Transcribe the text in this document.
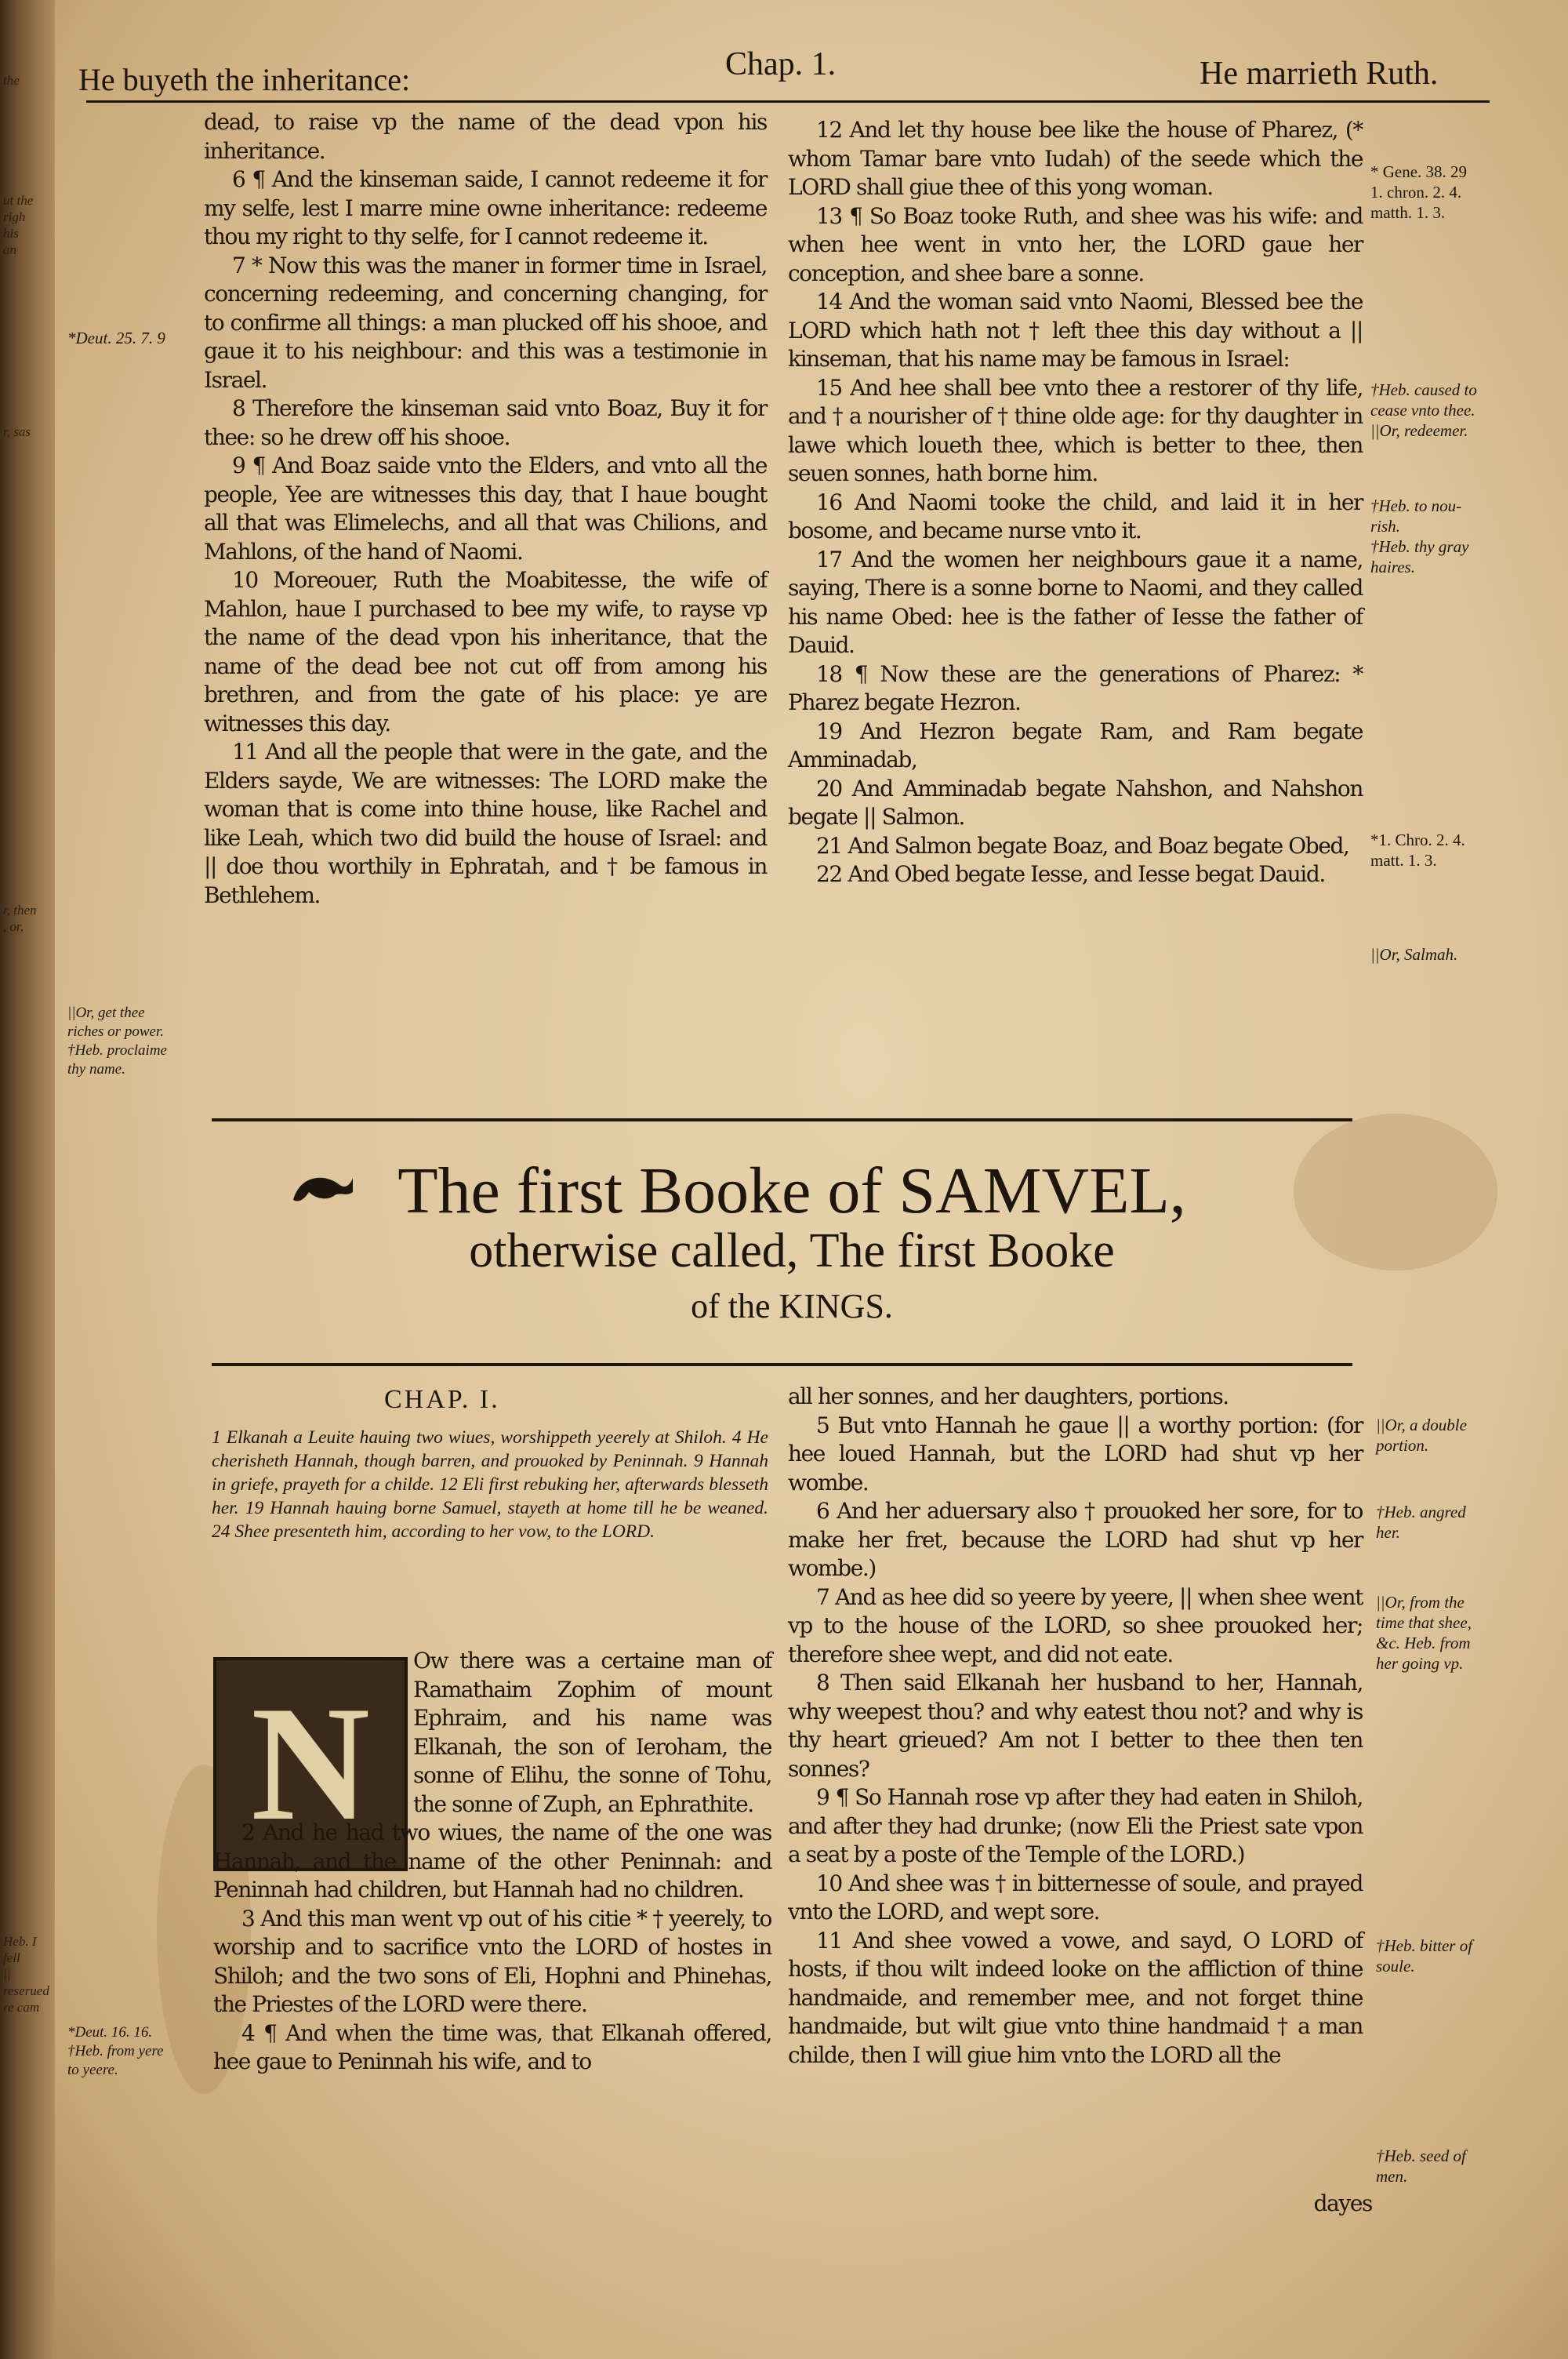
the
ut the
righ
his
an
r, sas
r, then
, or,
Heb. I fell
|| reserued
re cam
He buyeth the inheritance:	Chap. 1.	He marrieth Ruth.

dead, to raise vp the name of the dead vpon his inheritance.

6 ¶ And the kinseman saide, I cannot redeeme it for my selfe, lest I marre mine owne inheritance: redeeme thou my right to thy selfe, for I cannot redeeme it.

7 * Now this was the maner in former time in Israel, concerning redeeming, and concerning changing, for to confirme all things: a man plucked off his shooe, and gaue it to his neighbour: and this was a testimonie in Israel.

8 Therefore the kinseman said vnto Boaz, Buy it for thee: so he drew off his shooe.

9 ¶ And Boaz saide vnto the Elders, and vnto all the people, Yee are witnesses this day, that I haue bought all that was Elimelechs, and all that was Chilions, and Mahlons, of the hand of Naomi.

10 Moreouer, Ruth the Moabitesse, the wife of Mahlon, haue I purchased to bee my wife, to rayse vp the name of the dead vpon his inheritance, that the name of the dead bee not cut off from among his brethren, and from the gate of his place: ye are witnesses this day.

11 And all the people that were in the gate, and the Elders sayde, We are witnesses: The LORD make the woman that is come into thine house, like Rachel and like Leah, which two did build the house of Israel: and || doe thou worthily in Ephratah, and † be famous in Bethlehem.

12 And let thy house bee like the house of Pharez, (* whom Tamar bare vnto Iudah) of the seede which the LORD shall giue thee of this yong woman.

13 ¶ So Boaz tooke Ruth, and shee was his wife: and when hee went in vnto her, the LORD gaue her conception, and shee bare a sonne.

14 And the woman said vnto Naomi, Blessed bee the LORD which hath not † left thee this day without a || kinseman, that his name may be famous in Israel:

15 And hee shall bee vnto thee a restorer of thy life, and † a nourisher of † thine olde age: for thy daughter in lawe which loueth thee, which is better to thee, then seuen sonnes, hath borne him.

16 And Naomi tooke the child, and laid it in her bosome, and became nurse vnto it.

17 And the women her neighbours gaue it a name, saying, There is a sonne borne to Naomi, and they called his name Obed: hee is the father of Iesse the father of Dauid.

18 ¶ Now these are the generations of Pharez: * Pharez begate Hezron.

19 And Hezron begate Ram, and Ram begate Amminadab,

20 And Amminadab begate Nahshon, and Nahshon begate || Salmon.

21 And Salmon begate Boaz, and Boaz begate Obed,

22 And Obed begate Iesse, and Iesse begat Dauid.

*Deut. 25. 7. 9
||Or, get thee
riches or power.
†Heb. proclaime
thy name.
* Gene. 38. 29
1. chron. 2. 4.
matth. 1. 3.
†Heb. caused to
cease vnto thee.
||Or, redeemer.
†Heb. to nou-
rish.
†Heb. thy gray
haires.
*1. Chro. 2. 4.
matt. 1. 3.
||Or, Salmah.
The first Booke of SAMVEL,
otherwise called, The first Booke
of the KINGS.
CHAP. I.
1 Elkanah a Leuite hauing two wiues, worshippeth yeerely at Shiloh. 4 He cherisheth Hannah, though barren, and prouoked by Peninnah. 9 Hannah in griefe, prayeth for a childe. 12 Eli first rebuking her, afterwards blesseth her. 19 Hannah hauing borne Samuel, stayeth at home till he be weaned. 24 Shee presenteth him, according to her vow, to the LORD.
N

Ow there was a certaine man of Ramathaim Zophim of mount Ephraim, and his name was Elkanah, the son of Ieroham, the sonne of Elihu, the sonne of Tohu, the sonne of Zuph, an Ephrathite.

2 And he had two wiues, the name of the one was Hannah, and the name of the other Peninnah: and Peninnah had children, but Hannah had no children.

3 And this man went vp out of his citie * † yeerely, to worship and to sacrifice vnto the LORD of hostes in Shiloh; and the two sons of Eli, Hophni and Phinehas, the Priestes of the LORD were there.

4 ¶ And when the time was, that Elkanah offered, hee gaue to Peninnah his wife, and to

all her sonnes, and her daughters, portions.

5 But vnto Hannah he gaue || a worthy portion: (for hee loued Hannah, but the LORD had shut vp her wombe.

6 And her aduersary also † prouoked her sore, for to make her fret, because the LORD had shut vp her wombe.)

7 And as hee did so yeere by yeere, || when shee went vp to the house of the LORD, so shee prouoked her; therefore shee wept, and did not eate.

8 Then said Elkanah her husband to her, Hannah, why weepest thou? and why eatest thou not? and why is thy heart grieued? Am not I better to thee then ten sonnes?

9 ¶ So Hannah rose vp after they had eaten in Shiloh, and after they had drunke; (now Eli the Priest sate vpon a seat by a poste of the Temple of the LORD.)

10 And shee was † in bitternesse of soule, and prayed vnto the LORD, and wept sore.

11 And shee vowed a vowe, and sayd, O LORD of hosts, if thou wilt indeed looke on the affliction of thine handmaide, and remember mee, and not forget thine handmaide, but wilt giue vnto thine handmaid † a man childe, then I will giue him vnto the LORD all the

dayes
*Deut. 16. 16.
†Heb. from yere
to yeere.
||Or, a double
portion.
†Heb. angred
her.
||Or, from the
time that shee,
&c. Heb. from
her going vp.
†Heb. bitter of
soule.
†Heb. seed of
men.
